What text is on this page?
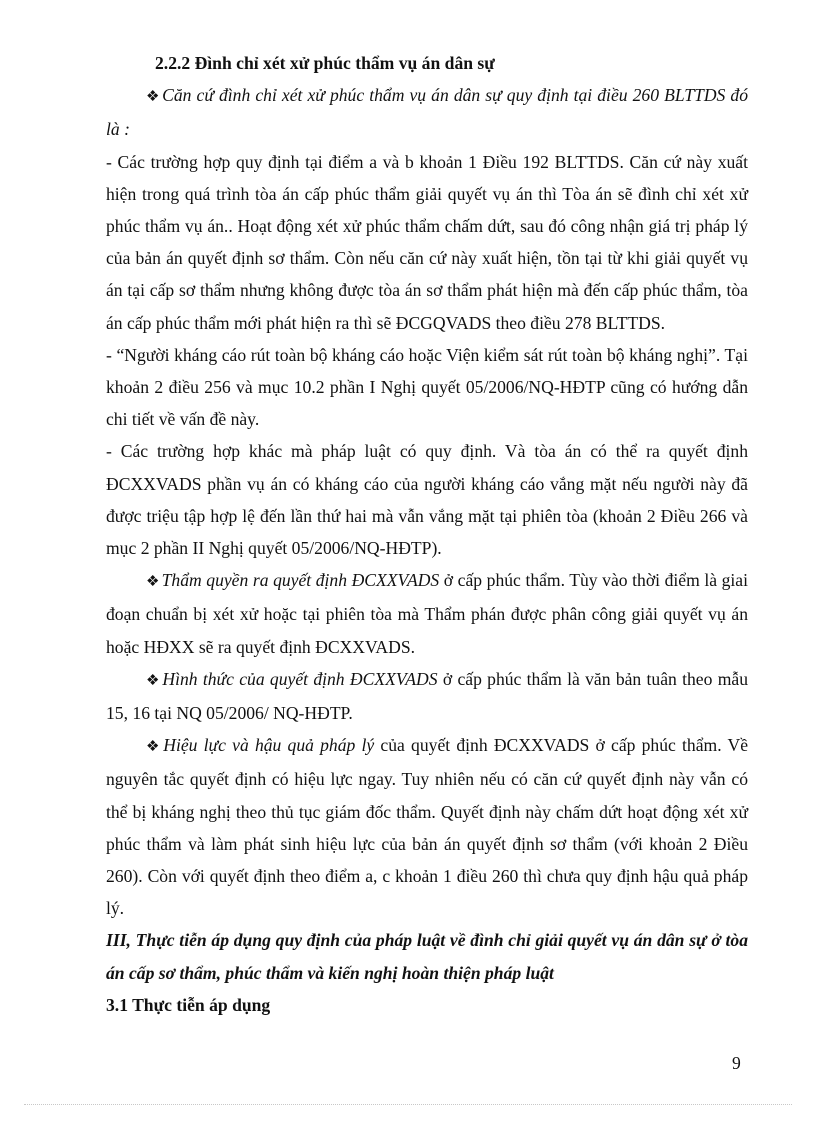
2.2.2 Đình chỉ xét xử phúc thẩm vụ án dân sự

❖ Căn cứ đình chỉ xét xử phúc thẩm vụ án dân sự quy định tại điều 260 BLTTDS đó là :

- Các trường hợp quy định tại điểm a và b khoản 1 Điều 192 BLTTDS. Căn cứ này xuất hiện trong quá trình tòa án cấp phúc thẩm giải quyết vụ án thì Tòa án sẽ đình chỉ xét xử phúc thẩm vụ án.. Hoạt động xét xử phúc thẩm chấm dứt, sau đó công nhận giá trị pháp lý của bản án quyết định sơ thẩm. Còn nếu căn cứ này xuất hiện, tồn tại từ khi giải quyết vụ án tại cấp sơ thẩm nhưng không được tòa án sơ thẩm phát hiện mà đến cấp phúc thẩm, tòa án cấp phúc thẩm mới phát hiện ra thì sẽ ĐCGQVADS theo điều 278 BLTTDS.

- “Người kháng cáo rút toàn bộ kháng cáo hoặc Viện kiểm sát rút toàn bộ kháng nghị”. Tại khoản 2 điều 256 và mục 10.2 phần I Nghị quyết 05/2006/NQ-HĐTP cũng có hướng dẫn chi tiết về vấn đề này.

- Các trường hợp khác mà pháp luật có quy định. Và tòa án có thể ra quyết định ĐCXXVADS phần vụ án có kháng cáo của người kháng cáo vắng mặt nếu người này đã được triệu tập hợp lệ đến lần thứ hai mà vẫn vắng mặt tại phiên tòa (khoản 2 Điều 266 và mục 2 phần II Nghị quyết 05/2006/NQ-HĐTP).

❖ Thẩm quyền ra quyết định ĐCXXVADS ở cấp phúc thẩm. Tùy vào thời điểm là giai đoạn chuẩn bị xét xử hoặc tại phiên tòa mà Thẩm phán được phân công giải quyết vụ án hoặc HĐXX sẽ ra quyết định ĐCXXVADS.

❖ Hình thức của quyết định ĐCXXVADS ở cấp phúc thẩm là văn bản tuân theo mẫu 15, 16 tại NQ 05/2006/ NQ-HĐTP.

❖ Hiệu lực và hậu quả pháp lý của quyết định ĐCXXVADS ở cấp phúc thẩm. Về nguyên tắc quyết định có hiệu lực ngay. Tuy nhiên nếu có căn cứ quyết định này vẫn có thể bị kháng nghị theo thủ tục giám đốc thẩm. Quyết định này chấm dứt hoạt động xét xử phúc thẩm và làm phát sinh hiệu lực của bản án quyết định sơ thẩm (với khoản 2 Điều 260). Còn với quyết định theo điểm a, c khoản 1 điều 260 thì chưa quy định hậu quả pháp lý.

III, Thực tiễn áp dụng quy định của pháp luật về đình chỉ giải quyết vụ án dân sự ở tòa án cấp sơ thẩm, phúc thẩm và kiến nghị hoàn thiện pháp luật

3.1 Thực tiễn áp dụng

9
